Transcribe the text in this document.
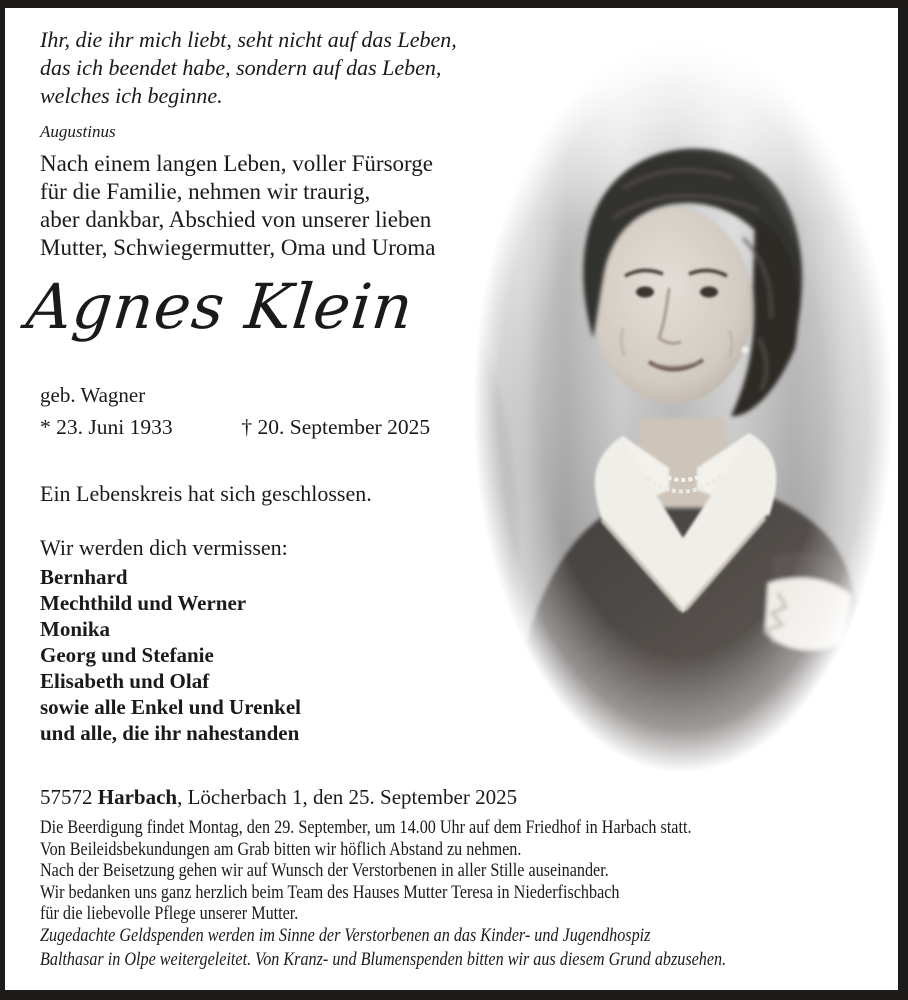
Ihr, die ihr mich liebt, seht nicht auf das Leben,
das ich beendet habe, sondern auf das Leben,
welches ich beginne.
Augustinus
Nach einem langen Leben, voller Fürsorge
für die Familie, nehmen wir traurig,
aber dankbar, Abschied von unserer lieben
Mutter, Schwiegermutter, Oma und Uroma
Agnes Klein
geb. Wagner
* 23. Juni 1933	† 20. September 2025
Ein Lebenskreis hat sich geschlossen.
Wir werden dich vermissen:
Bernhard
Mechthild und Werner
Monika
Georg und Stefanie
Elisabeth und Olaf
sowie alle Enkel und Urenkel
und alle, die ihr nahestanden
57572 Harbach, Löcherbach 1, den 25. September 2025
Die Beerdigung findet Montag, den 29. September, um 14.00 Uhr auf dem Friedhof in Harbach statt.
Von Beileidsbekundungen am Grab bitten wir höflich Abstand zu nehmen.
Nach der Beisetzung gehen wir auf Wunsch der Verstorbenen in aller Stille auseinander.
Wir bedanken uns ganz herzlich beim Team des Hauses Mutter Teresa in Niederfischbach
für die liebevolle Pflege unserer Mutter.
Zugedachte Geldspenden werden im Sinne der Verstorbenen an das Kinder- und Jugendhospiz
Balthasar in Olpe weitergeleitet. Von Kranz- und Blumenspenden bitten wir aus diesem Grund abzusehen.
